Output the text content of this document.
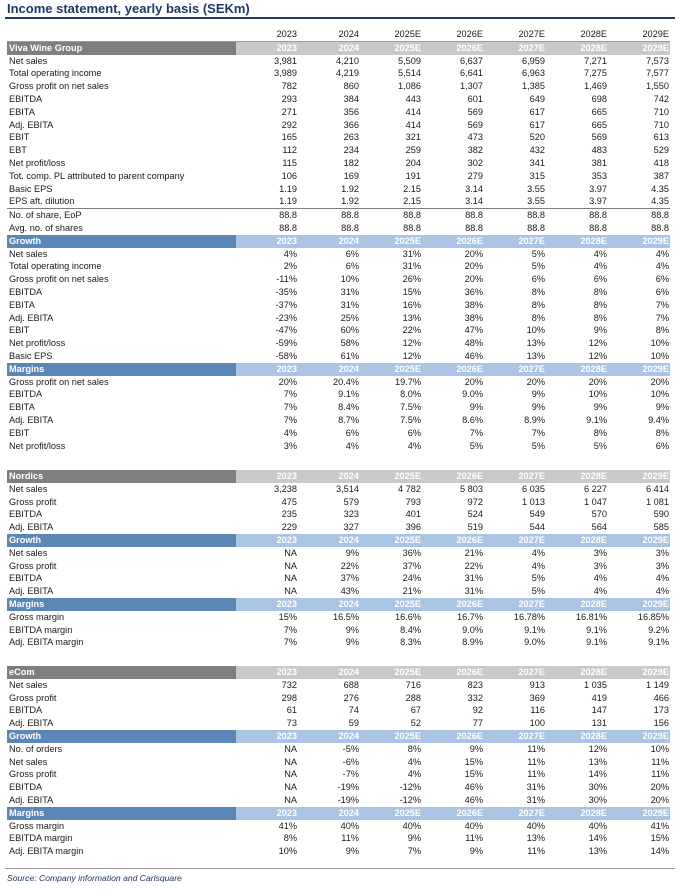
Income statement, yearly basis (SEKm)
2023	2024	2025E	2026E	2027E	2028E	2029E
Viva Wine Group	2023	2024	2025E	2026E	2027E	2028E	2029E
Net sales	3,981	4,210	5,509	6,637	6,959	7,271	7,573
Total operating income	3,989	4,219	5,514	6,641	6,963	7,275	7,577
Gross profit on net sales	782	860	1,086	1,307	1,385	1,469	1,550
EBITDA	293	384	443	601	649	698	742
EBITA	271	356	414	569	617	665	710
Adj. EBITA	292	366	414	569	617	665	710
EBIT	165	263	321	473	520	569	613
EBT	112	234	259	382	432	483	529
Net profit/loss	115	182	204	302	341	381	418
Tot. comp. PL attributed to parent company	106	169	191	279	315	353	387
Basic EPS	1.19	1.92	2.15	3.14	3.55	3.97	4.35
EPS aft. dilution	1.19	1.92	2.15	3.14	3.55	3.97	4.35
No. of share, EoP	88.8	88.8	88.8	88.8	88.8	88.8	88.8
Avg. no. of shares	88.8	88.8	88.8	88.8	88.8	88.8	88.8
Growth	2023	2024	2025E	2026E	2027E	2028E	2029E
Net sales	4%	6%	31%	20%	5%	4%	4%
Total operating income	2%	6%	31%	20%	5%	4%	4%
Gross profit on net sales	-11%	10%	26%	20%	6%	6%	6%
EBITDA	-35%	31%	15%	36%	8%	8%	6%
EBITA	-37%	31%	16%	38%	8%	8%	7%
Adj. EBITA	-23%	25%	13%	38%	8%	8%	7%
EBIT	-47%	60%	22%	47%	10%	9%	8%
Net profit/loss	-59%	58%	12%	48%	13%	12%	10%
Basic EPS	-58%	61%	12%	46%	13%	12%	10%
Margins	2023	2024	2025E	2026E	2027E	2028E	2029E
Gross profit on net sales	20%	20.4%	19.7%	20%	20%	20%	20%
EBITDA	7%	9.1%	8.0%	9.0%	9%	10%	10%
EBITA	7%	8.4%	7.5%	9%	9%	9%	9%
Adj. EBITA	7%	8.7%	7.5%	8.6%	8.9%	9.1%	9.4%
EBIT	4%	6%	6%	7%	7%	8%	8%
Net profit/loss	3%	4%	4%	5%	5%	5%	6%
Nordics	2023	2024	2025E	2026E	2027E	2028E	2029E
Net sales	3,238	3,514	4 782	5 803	6 035	6 227	6 414
Gross profit	475	579	793	972	1 013	1 047	1 081
EBITDA	235	323	401	524	549	570	590
Adj. EBITA	229	327	396	519	544	564	585
Growth	2023	2024	2025E	2026E	2027E	2028E	2029E
Net sales	NA	9%	36%	21%	4%	3%	3%
Gross profit	NA	22%	37%	22%	4%	3%	3%
EBITDA	NA	37%	24%	31%	5%	4%	4%
Adj. EBITA	NA	43%	21%	31%	5%	4%	4%
Margins	2023	2024	2025E	2026E	2027E	2028E	2029E
Gross margin	15%	16.5%	16.6%	16.7%	16.78%	16.81%	16.85%
EBITDA margin	7%	9%	8.4%	9.0%	9.1%	9.1%	9.2%
Adj. EBITA margin	7%	9%	8.3%	8.9%	9.0%	9.1%	9.1%
eCom	2023	2024	2025E	2026E	2027E	2028E	2029E
Net sales	732	688	716	823	913	1 035	1 149
Gross profit	298	276	288	332	369	419	466
EBITDA	61	74	67	92	116	147	173
Adj. EBITA	73	59	52	77	100	131	156
Growth	2023	2024	2025E	2026E	2027E	2028E	2029E
No. of orders	NA	-5%	8%	9%	11%	12%	10%
Net sales	NA	-6%	4%	15%	11%	13%	11%
Gross profit	NA	-7%	4%	15%	11%	14%	11%
EBITDA	NA	-19%	-12%	46%	31%	30%	20%
Adj. EBITA	NA	-19%	-12%	46%	31%	30%	20%
Margins	2023	2024	2025E	2026E	2027E	2028E	2029E
Gross margin	41%	40%	40%	40%	40%	40%	41%
EBITDA margin	8%	11%	9%	11%	13%	14%	15%
Adj. EBITA margin	10%	9%	7%	9%	11%	13%	14%
Source: Company information and Carlsquare
